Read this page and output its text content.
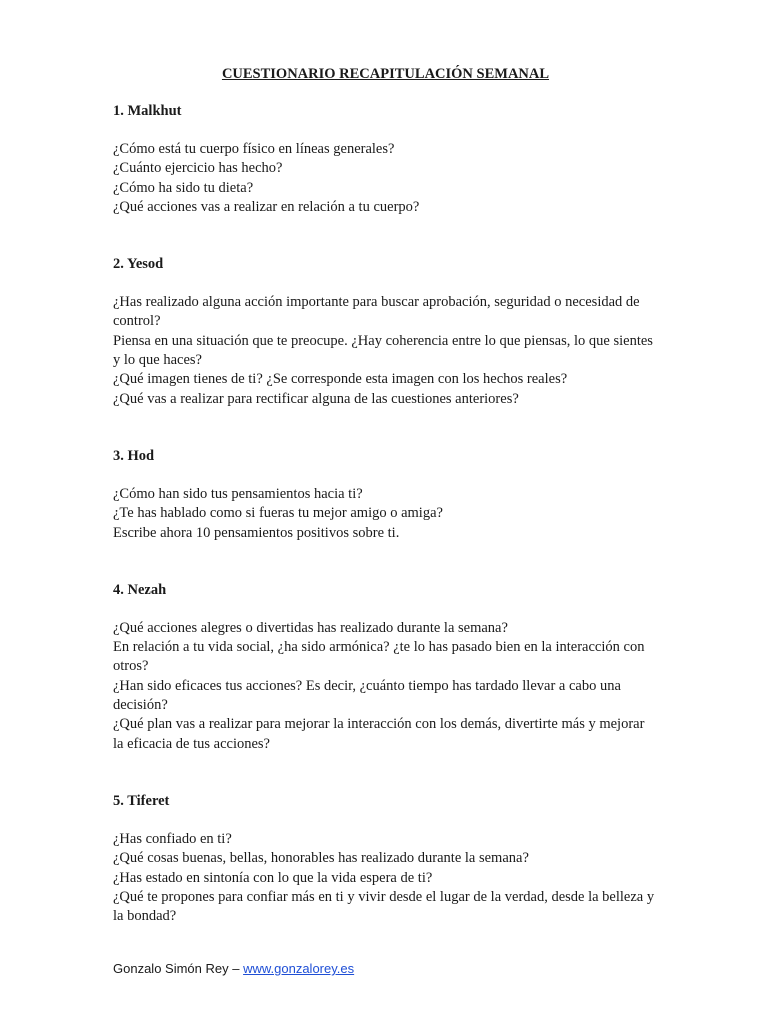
CUESTIONARIO RECAPITULACIÓN SEMANAL
1. Malkhut

¿Cómo está tu cuerpo físico en líneas generales?

¿Cuánto ejercicio has hecho?

¿Cómo ha sido tu dieta?

¿Qué acciones vas a realizar en relación a tu cuerpo?

2. Yesod

¿Has realizado alguna acción importante para buscar aprobación, seguridad o necesidad de control?

Piensa en una situación que te preocupe. ¿Hay coherencia entre lo que piensas, lo que sientes y lo que haces?

¿Qué imagen tienes de ti? ¿Se corresponde esta imagen con los hechos reales?

¿Qué vas a realizar para rectificar alguna de las cuestiones anteriores?

3. Hod

¿Cómo han sido tus pensamientos hacia ti?

¿Te has hablado como si fueras tu mejor amigo o amiga?

Escribe ahora 10 pensamientos positivos sobre ti.

4. Nezah

¿Qué acciones alegres o divertidas has realizado durante la semana?

En relación a tu vida social, ¿ha sido armónica? ¿te lo has pasado bien en la interacción con otros?

¿Han sido eficaces tus acciones? Es decir, ¿cuánto tiempo has tardado llevar a cabo una decisión?

¿Qué plan vas a realizar para mejorar la interacción con los demás, divertirte más y mejorar la eficacia de tus acciones?

5. Tiferet

¿Has confiado en ti?

¿Qué cosas buenas, bellas, honorables has realizado durante la semana?

¿Has estado en sintonía con lo que la vida espera de ti?

¿Qué te propones para confiar más en ti y vivir desde el lugar de la verdad, desde la belleza y la bondad?

Gonzalo Simón Rey – www.gonzalorey.es
